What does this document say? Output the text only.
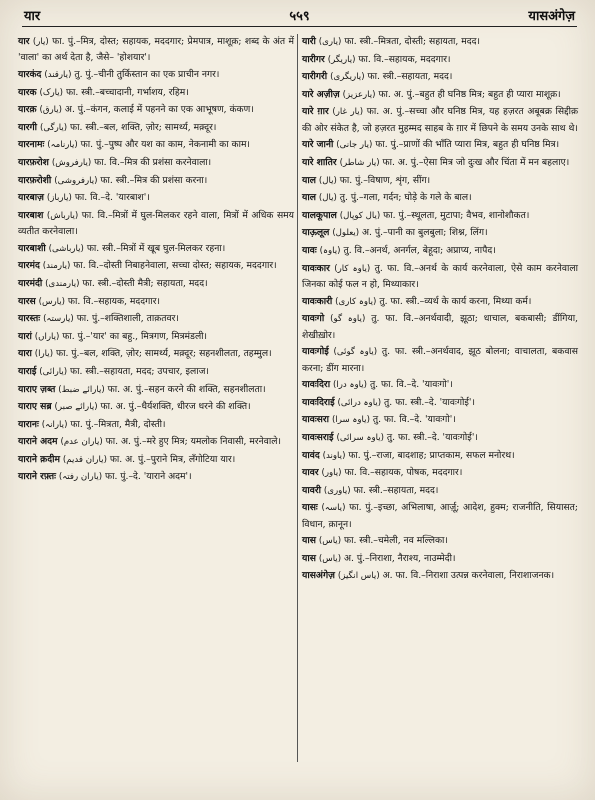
यार	५५९	यासअंगेज़
यार (یار) फा. पुं.–मित्र, दोस्त; सहायक, मददगार; प्रेमपात्र, माशूक़; शब्द के अंत में 'वाला' का अर्थ देता है, जैसे– 'होशयार'।
यारकंद (یارقند) तु. पुं.–चीनी तुर्किस्तान का एक प्राचीन नगर।
यारक (یارک) फा. स्त्री.–बच्चादानी, गर्भाशय, रहिम।
यारक़ (یارق) अ. पुं.–कंगन, कलाई में पहनने का एक आभूषण, कंकण।
यारगी (یارگی) फा. स्त्री.–बल, शक्ति, ज़ोर; सामर्थ्य, मक़्दूर।
यारनामः (یارنامہ) फा. पुं.–पुष्प और यश का काम, नेकनामी का काम।
यारफ़रोश (یارفروش) फा. वि.–मित्र की प्रशंसा करनेवाला।
यारफ़रोशी (یارفروشی) फा. स्त्री.–मित्र की प्रशंसा करना।
यारबाज़ (یارباز) फा. वि.–दे. 'यारबाश'।
यारबाश (یارباش) फा. वि.–मित्रों में घुल-मिलकर रहने वाला, मित्रों में अधिक समय व्यतीत करनेवाला।
यारबाशी (یارباشی) फा. स्त्री.–मित्रों में खूब घुल-मिलकर रहना।
यारमंद (یارمند) फा. वि.–दोस्ती निबाहनेवाला, सच्चा दोस्त; सहायक, मददगार।
यारमंदी (یارمندی) फा. स्त्री.–दोस्ती मैत्री; सहायता, मदद।
यारस (یارس) फा. वि.–सहायक, मददगार।
यारस्तः (یارستہ) फा. पुं.–शक्तिशाली, ताक़तवर।
यारां (یاراں) फा. पुं.–'यार' का बहु., मित्रगण, मित्रमंडली।
यारा (یارا) फा. पुं.–बल, शक्ति, ज़ोर; सामर्थ्य, मक़्दूर; सहनशीलता, तहम्मुल।
याराई (یارائی) फा. स्त्री.–सहायता, मदद; उपचार, इलाज।
याराए ज़ब्त (یارائے ضبط) फा. अ. पुं.–सहन करने की शक्ति, सहनशीलता।
याराए सब्र (یارائے صبر) फा. अ. पुं.–धैर्यशक्ति, धीरज धरने की शक्ति।
यारानः (یارانہ) फा. पुं.–मित्रता, मैत्री, दोस्ती।
याराने अदम (یاران عدم) फा. अ. पुं.–मरे हुए मित्र; यमलोक निवासी, मरनेवाले।
याराने क़दीम (یاران قدیم) फा. अ. पुं.–पुराने मित्र, लँगोटिया यार।
याराने रफ़्तः (یاران رفتہ) फा. पुं.–दे. 'याराने अदम'।
यारी (یاری) फा. स्त्री.–मित्रता, दोस्ती; सहायता, मदद।
यारीगर (یاریگر) फा. वि.–सहायक, मददगार।
यारीगरी (یاریگری) फा. स्त्री.–सहायता, मदद।
यारे अज़ीज़ (یارعزیز) फा. अ. पुं.–बहुत ही घनिष्ठ मित्र; बहुत ही प्यारा माशूक़।
यारे ग़ार (یار غار) फा. अ. पुं.–सच्चा और घनिष्ठ मित्र, यह हज़रत अबूबक्र सिद्दीक़ की ओर संकेत है, जो हज़रत मुहम्मद साहब के ग़ार में छिपने के समय उनके साथ थे।
यारे जानी (یار جانی) फा. पुं.–प्राणों की भाँति प्यारा मित्र, बहुत ही घनिष्ठ मित्र।
यारे शातिर (یار شاطر) फा. अ. पुं.–ऐसा मित्र जो दुःख और चिंता में मन बहलाए।
याल (یال) फा. पुं.–विषाण, शृंग, सींग।
याल (یال) तु. पुं.–गला, गर्दन; घोड़े के गले के बाल।
यालकूपाल (یال کوپال) फा. पुं.–स्थूलता, मुटापा; वैभव, शानोशौकत।
याऊ़लूल (یعلول) अ. पुं.–पानी का बुलबुला; शिश्न, लिंग।
यावः (یاوہ) तु. वि.–अनर्थ, अनर्गल, बेहूदा; अप्राप्य, नापैद।
यावःकार (یاوہ کار) तु. फा. वि.–अनर्थ के कार्य करनेवाला, ऐसे काम करनेवाला जिनका कोई फल न हो, मिथ्याकार।
यावःकारी (یاوہ کاری) तु. फा. स्त्री.–व्यर्थ के कार्य करना, मिथ्या कर्म।
यावःगो (یاوہ گو) तु. फा. वि.–अनर्थवादी, झूठा; धाचाल, बकबासी; डींगिया, शेखीख़ोर।
यावःगोई (یاوہ گوئی) तु. फा. स्त्री.–अनर्थवाद, झूठ बोलना; वाचालता, बकवास करना; डींग मारना।
यावःदिरा (یاوہ درا) तु. फा. वि.–दे. 'यावःगो'।
यावःदिराई (یاوہ درائی) तु. फा. स्त्री.–दे. 'यावःगोई'।
यावःसरा (یاوہ سرا) तु. फा. वि.–दे. 'यावःगो'।
यावःसराई (یاوہ سرائی) तु. फा. स्त्री.–दे. 'यावःगोई'।
यावंद (یاوند) फा. पुं.–राजा, बादशाह; प्राप्तकाम, सफल मनोरथ।
यावर (یاور) फा. वि.–सहायक, पोषक, मददगार।
यावरी (یاوری) फा. स्त्री.–सहायता, मदद।
यासः (یاسہ) फा. पुं.–इच्छा, अभिलाषा, आर्ज़ू; आदेश, हुक्म; राजनीति, सियासत; विधान, क़ानून।
यास (یاس) फा. स्त्री.–चमेली, नव मल्लिका।
यास (یاس) अ. पुं.–निराशा, नैराश्य, नाउम्मेदी।
यासअंगेज़ (یاس انگیز) अ. फा. वि.–निराशा उत्पन्न करनेवाला, निराशाजनक।
